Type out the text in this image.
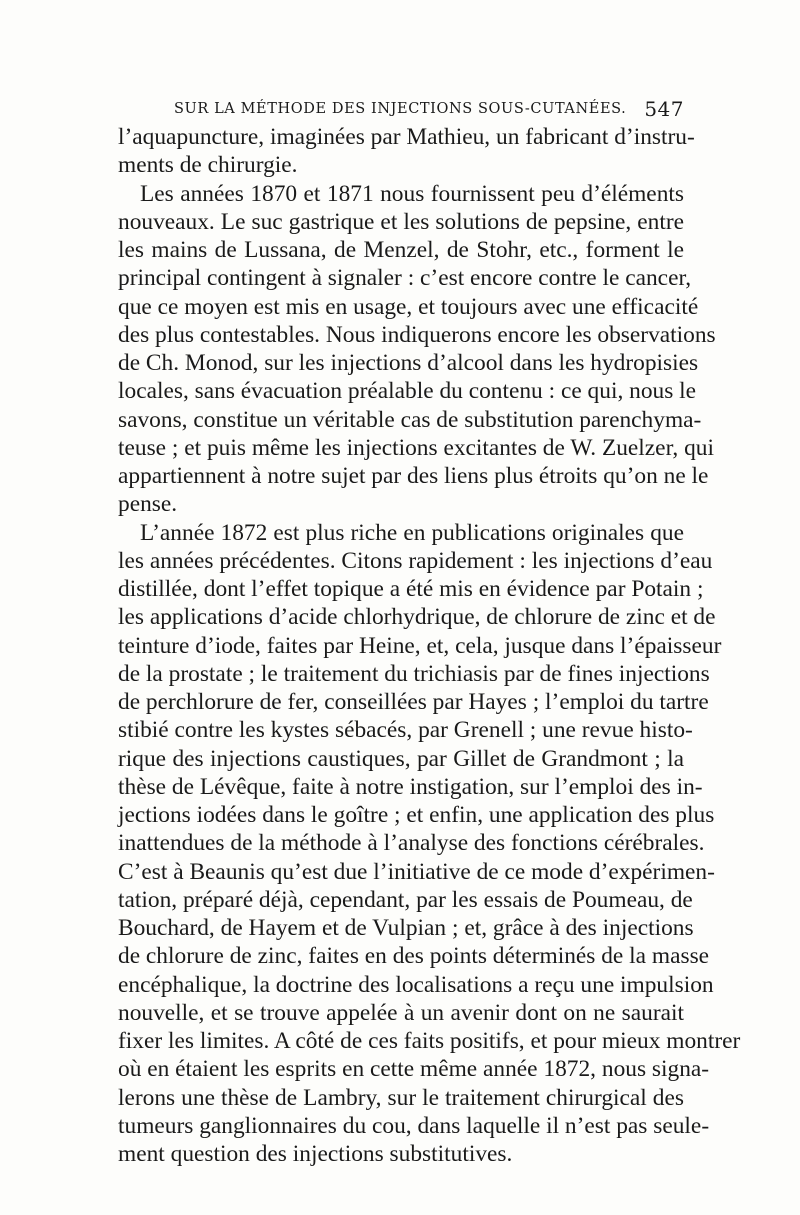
SUR LA MÉTHODE DES INJECTIONS SOUS-CUTANÉES. 547
l’aquapuncture, imaginées par Mathieu, un fabricant d’instru-
ments de chirurgie.
Les années 1870 et 1871 nous fournissent peu d’éléments
nouveaux. Le suc gastrique et les solutions de pepsine, entre
les mains de Lussana, de Menzel, de Stohr, etc., forment le
principal contingent à signaler : c’est encore contre le cancer,
que ce moyen est mis en usage, et toujours avec une efficacité
des plus contestables. Nous indiquerons encore les observations
de Ch. Monod, sur les injections d’alcool dans les hydropisies
locales, sans évacuation préalable du contenu : ce qui, nous le
savons, constitue un véritable cas de substitution parenchyma-
teuse ; et puis même les injections excitantes de W. Zuelzer, qui
appartiennent à notre sujet par des liens plus étroits qu’on ne le
pense.
L’année 1872 est plus riche en publications originales que
les années précédentes. Citons rapidement : les injections d’eau
distillée, dont l’effet topique a été mis en évidence par Potain ;
les applications d’acide chlorhydrique, de chlorure de zinc et de
teinture d’iode, faites par Heine, et, cela, jusque dans l’épaisseur
de la prostate ; le traitement du trichiasis par de fines injections
de perchlorure de fer, conseillées par Hayes ; l’emploi du tartre
stibié contre les kystes sébacés, par Grenell ; une revue histo-
rique des injections caustiques, par Gillet de Grandmont ; la
thèse de Lévêque, faite à notre instigation, sur l’emploi des in-
jections iodées dans le goître ; et enfin, une application des plus
inattendues de la méthode à l’analyse des fonctions cérébrales.
C’est à Beaunis qu’est due l’initiative de ce mode d’expérimen-
tation, préparé déjà, cependant, par les essais de Poumeau, de
Bouchard, de Hayem et de Vulpian ; et, grâce à des injections
de chlorure de zinc, faites en des points déterminés de la masse
encéphalique, la doctrine des localisations a reçu une impulsion
nouvelle, et se trouve appelée à un avenir dont on ne saurait
fixer les limites. A côté de ces faits positifs, et pour mieux montrer
où en étaient les esprits en cette même année 1872, nous signa-
lerons une thèse de Lambry, sur le traitement chirurgical des
tumeurs ganglionnaires du cou, dans laquelle il n’est pas seule-
ment question des injections substitutives.
